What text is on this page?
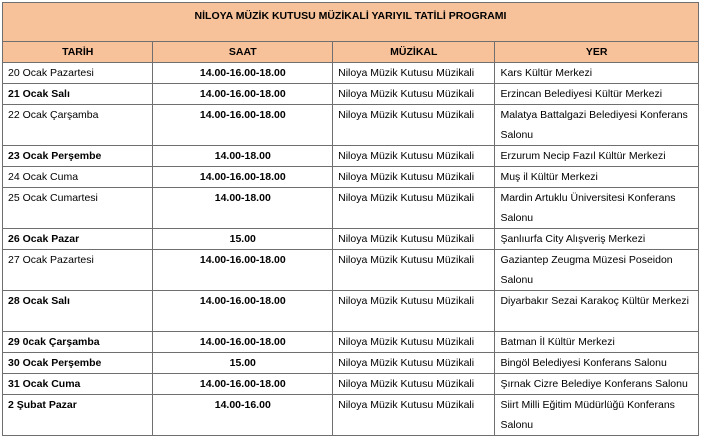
NİLOYA MÜZİK KUTUSU MÜZİKALİ YARIYIL TATİLİ PROGRAMI			
TARİH	SAAT	MÜZİKAL	YER
20 Ocak Pazartesi	14.00-16.00-18.00	Niloya Müzik Kutusu Müzikali	Kars Kültür Merkezi
21 Ocak Salı	14.00-16.00-18.00	Niloya Müzik Kutusu Müzikali	Erzincan Belediyesi Kültür Merkezi
22 Ocak Çarşamba	14.00-16.00-18.00	Niloya Müzik Kutusu Müzikali	Malatya Battalgazi Belediyesi Konferans Salonu
23 Ocak Perşembe	14.00-18.00	Niloya Müzik Kutusu Müzikali	Erzurum Necip Fazıl Kültür Merkezi
24 Ocak Cuma	14.00-16.00-18.00	Niloya Müzik Kutusu Müzikali	Muş il Kültür Merkezi
25 Ocak Cumartesi	14.00-18.00	Niloya Müzik Kutusu Müzikali	Mardin Artuklu Üniversitesi Konferans Salonu
26 Ocak Pazar	15.00	Niloya Müzik Kutusu Müzikali	Şanlıurfa City Alışveriş Merkezi
27 Ocak Pazartesi	14.00-16.00-18.00	Niloya Müzik Kutusu Müzikali	Gaziantep Zeugma Müzesi Poseidon Salonu
28 Ocak Salı	14.00-16.00-18.00	Niloya Müzik Kutusu Müzikali	Diyarbakır Sezai Karakoç Kültür Merkezi
29 0cak Çarşamba	14.00-16.00-18.00	Niloya Müzik Kutusu Müzikali	Batman İl Kültür Merkezi
30 Ocak Perşembe	15.00	Niloya Müzik Kutusu Müzikali	Bingöl Belediyesi Konferans Salonu
31 Ocak Cuma	14.00-16.00-18.00	Niloya Müzik Kutusu Müzikali	Şırnak Cizre Belediye Konferans Salonu
2 Şubat Pazar	14.00-16.00	Niloya Müzik Kutusu Müzikali	Siirt Milli Eğitim Müdürlüğü Konferans Salonu
